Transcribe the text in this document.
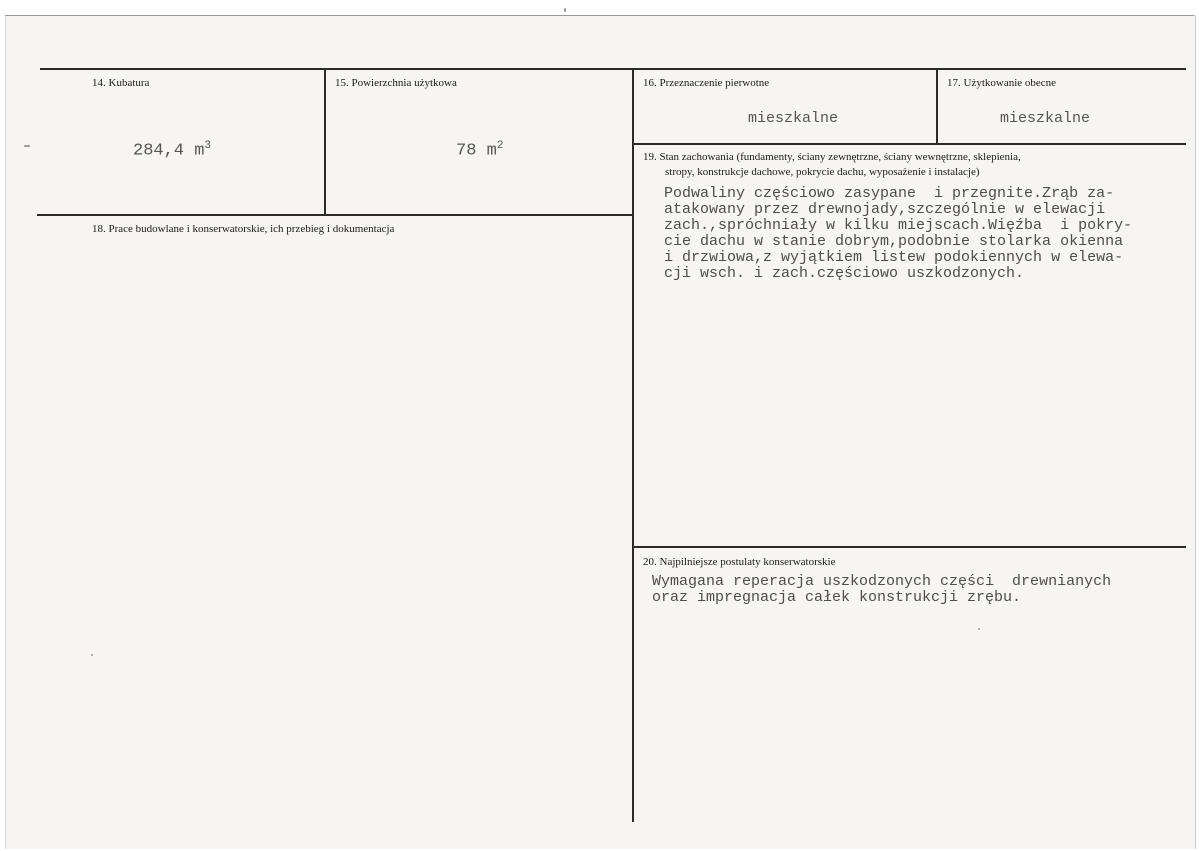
14. Kubatura
284,4 $m^3$
15. Powierzchnia użytkowa
78 $m^2$
16. Przeznaczenie pierwotne
mieszkalne
17. Użytkowanie obecne
mieszkalne
18. Prace budowlane i konserwatorskie, ich przebieg i dokumentacja
19. Stan zachowania (fundamenty, ściany zewnętrzne, ściany wewnętrzne, sklepienia,
stropy, konstrukcje dachowe, pokrycie dachu, wyposażenie i instalacje)
Podwaliny częściowo zasypane  i przegnite.Zrąb za-
atakowany przez drewnojady,szczególnie w elewacji
zach.,spróchniały w kilku miejscach.Więźba  i pokry-
cie dachu w stanie dobrym,podobnie stolarka okienna
i drzwiowa,z wyjątkiem listew podokiennych w elewa-
cji wsch. i zach.częściowo uszkodzonych.
20. Najpilniejsze postulaty konserwatorskie
Wymagana reperacja uszkodzonych części  drewnianych
oraz impregnacja całek konstrukcji zrębu.
